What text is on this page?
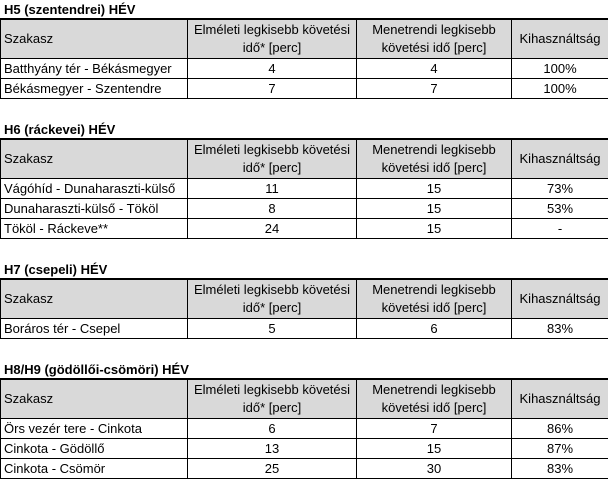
H5 (szentendrei) HÉV
Szakasz	Elméleti legkisebb követési idő* [perc]	Menetrendi legkisebb követési idő [perc]	Kihasználtság
Batthyány tér - Békásmegyer	4	4	100%
Békásmegyer - Szentendre	7	7	100%
H6 (ráckevei) HÉV
Szakasz	Elméleti legkisebb követési idő* [perc]	Menetrendi legkisebb követési idő [perc]	Kihasználtság
Vágóhíd - Dunaharaszti-külső	11	15	73%
Dunaharaszti-külső - Tököl	8	15	53%
Tököl - Ráckeve**	24	15	-
H7 (csepeli) HÉV
Szakasz	Elméleti legkisebb követési idő* [perc]	Menetrendi legkisebb követési idő [perc]	Kihasználtság
Boráros tér - Csepel	5	6	83%
H8/H9 (gödöllői-csömöri) HÉV
Szakasz	Elméleti legkisebb követési idő* [perc]	Menetrendi legkisebb követési idő [perc]	Kihasználtság
Örs vezér tere - Cinkota	6	7	86%
Cinkota - Gödöllő	13	15	87%
Cinkota - Csömör	25	30	83%
